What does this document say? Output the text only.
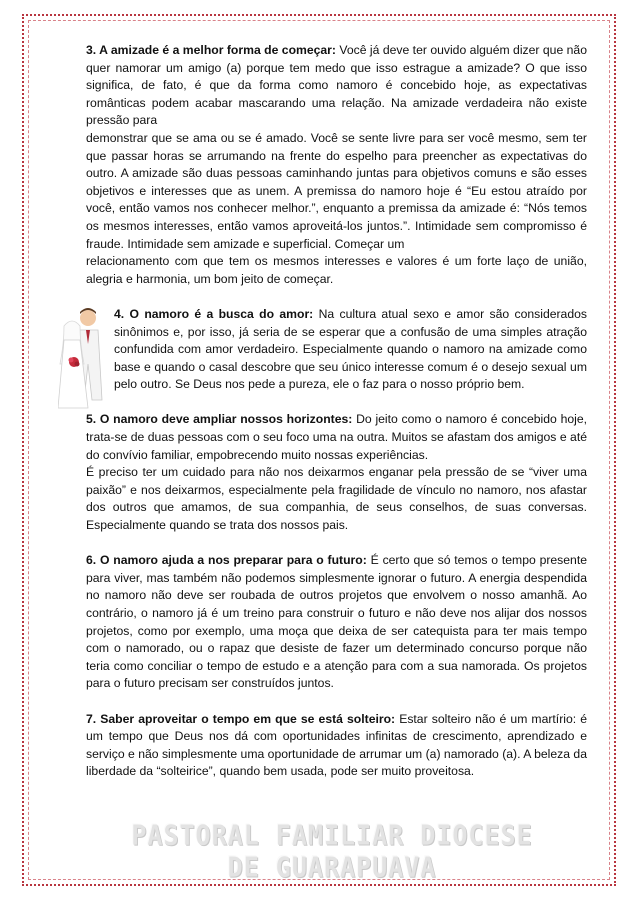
3. A amizade é a melhor forma de começar: Você já deve ter ouvido alguém dizer que não quer namorar um amigo (a) porque tem medo que isso estrague a amizade? O que isso significa, de fato, é que da forma como namoro é concebido hoje, as expectativas românticas podem acabar mascarando uma relação. Na amizade verdadeira não existe pressão para

demonstrar que se ama ou se é amado. Você se sente livre para ser você mesmo, sem ter que passar horas se arrumando na frente do espelho para preencher as expectativas do outro. A amizade são duas pessoas caminhando juntas para objetivos comuns e são esses objetivos e interesses que as unem. A premissa do namoro hoje é “Eu estou atraído por você, então vamos nos conhecer melhor.”, enquanto a premissa da amizade é: “Nós temos os mesmos interesses, então vamos aproveitá-los juntos.”. Intimidade sem compromisso é fraude. Intimidade sem amizade e superficial. Começar um

relacionamento com que tem os mesmos interesses e valores é um forte laço de união, alegria e harmonia, um bom jeito de começar.

4. O namoro é a busca do amor: Na cultura atual sexo e amor são considerados sinônimos e, por isso, já seria de se esperar que a confusão de uma simples atração confundida com amor verdadeiro. Especialmente quando o namoro na amizade como base e quando o casal descobre que seu único interesse comum é o desejo sexual um pelo outro. Se Deus nos pede a pureza, ele o faz para o nosso próprio bem.

5. O namoro deve ampliar nossos horizontes: Do jeito como o namoro é concebido hoje, trata-se de duas pessoas com o seu foco uma na outra. Muitos se afastam dos amigos e até do convívio familiar, empobrecendo muito nossas experiências.

É preciso ter um cuidado para não nos deixarmos enganar pela pressão de se “viver uma paixão” e nos deixarmos, especialmente pela fragilidade de vínculo no namoro, nos afastar dos outros que amamos, de sua companhia, de seus conselhos, de suas conversas. Especialmente quando se trata dos nossos pais.

6. O namoro ajuda a nos preparar para o futuro: É certo que só temos o tempo presente para viver, mas também não podemos simplesmente ignorar o futuro. A energia despendida no namoro não deve ser roubada de outros projetos que envolvem o nosso amanhã. Ao contrário, o namoro já é um treino para construir o futuro e não deve nos alijar dos nossos projetos, como por exemplo, uma moça que deixa de ser catequista para ter mais tempo com o namorado, ou o rapaz que desiste de fazer um determinado concurso porque não teria como conciliar o tempo de estudo e a atenção para com a sua namorada. Os projetos para o futuro precisam ser construídos juntos.

7. Saber aproveitar o tempo em que se está solteiro: Estar solteiro não é um martírio: é um tempo que Deus nos dá com oportunidades infinitas de crescimento, aprendizado e serviço e não simplesmente uma oportunidade de arrumar um (a) namorado (a). A beleza da liberdade da “solteirice”, quando bem usada, pode ser muito proveitosa.

PASTORAL FAMILIAR DIOCESE DE GUARAPUAVA
